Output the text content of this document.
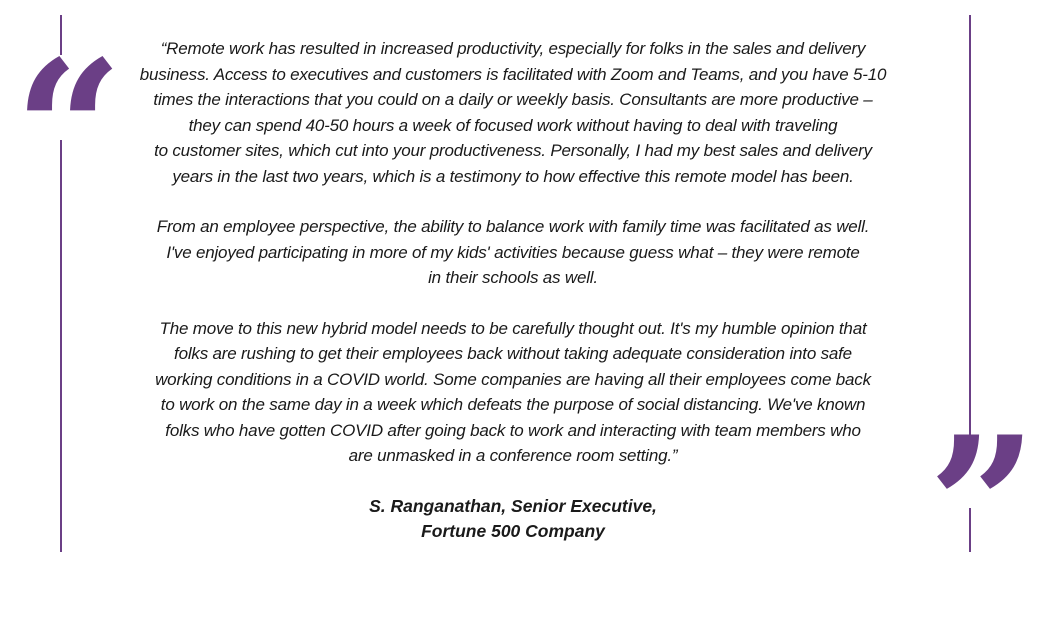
“
”

“Remote work has resulted in increased productivity, especially for folks in the sales and delivery
business. Access to executives and customers is facilitated with Zoom and Teams, and you have 5-10
times the interactions that you could on a daily or weekly basis. Consultants are more productive –
they can spend 40-50 hours a week of focused work without having to deal with traveling
to customer sites, which cut into your productiveness. Personally, I had my best sales and delivery
years in the last two years, which is a testimony to how effective this remote model has been.

From an employee perspective, the ability to balance work with family time was facilitated as well.
I've enjoyed participating in more of my kids' activities because guess what – they were remote
in their schools as well.

The move to this new hybrid model needs to be carefully thought out. It's my humble opinion that
folks are rushing to get their employees back without taking adequate consideration into safe
working conditions in a COVID world. Some companies are having all their employees come back
to work on the same day in a week which defeats the purpose of social distancing. We've known
folks who have gotten COVID after going back to work and interacting with team members who
are unmasked in a conference room setting.”

S. Ranganathan, Senior Executive,
Fortune 500 Company
